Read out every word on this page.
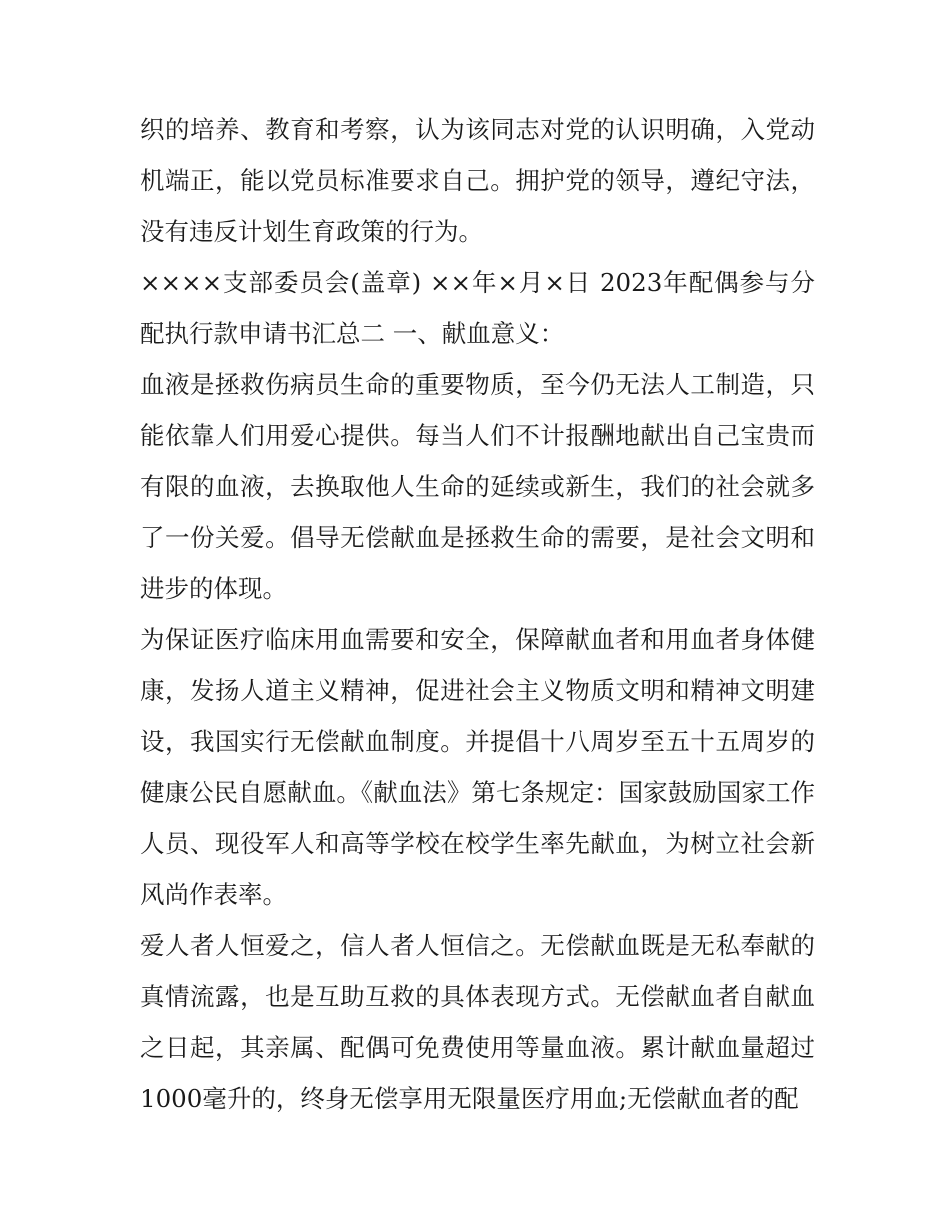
织的培养、教育和考察，认为该同志对党的认识明确，入党动机端正，能以党员标准要求自己。拥护党的领导，遵纪守法，没有违反计划生育政策的行为。

××××支部委员会(盖章) ××年×月×日 2023年配偶参与分配执行款申请书汇总二 一、献血意义：

血液是拯救伤病员生命的重要物质，至今仍无法人工制造，只能依靠人们用爱心提供。每当人们不计报酬地献出自己宝贵而有限的血液，去换取他人生命的延续或新生，我们的社会就多了一份关爱。倡导无偿献血是拯救生命的需要，是社会文明和进步的体现。

为保证医疗临床用血需要和安全，保障献血者和用血者身体健康，发扬人道主义精神，促进社会主义物质文明和精神文明建设，我国实行无偿献血制度。并提倡十八周岁至五十五周岁的健康公民自愿献血。《献血法》第七条规定：国家鼓励国家工作人员、现役军人和高等学校在校学生率先献血，为树立社会新风尚作表率。

爱人者人恒爱之，信人者人恒信之。无偿献血既是无私奉献的真情流露，也是互助互救的具体表现方式。无偿献血者自献血之日起，其亲属、配偶可免费使用等量血液。累计献血量超过1000毫升的，终身无偿享用无限量医疗用血;无偿献血者的配
